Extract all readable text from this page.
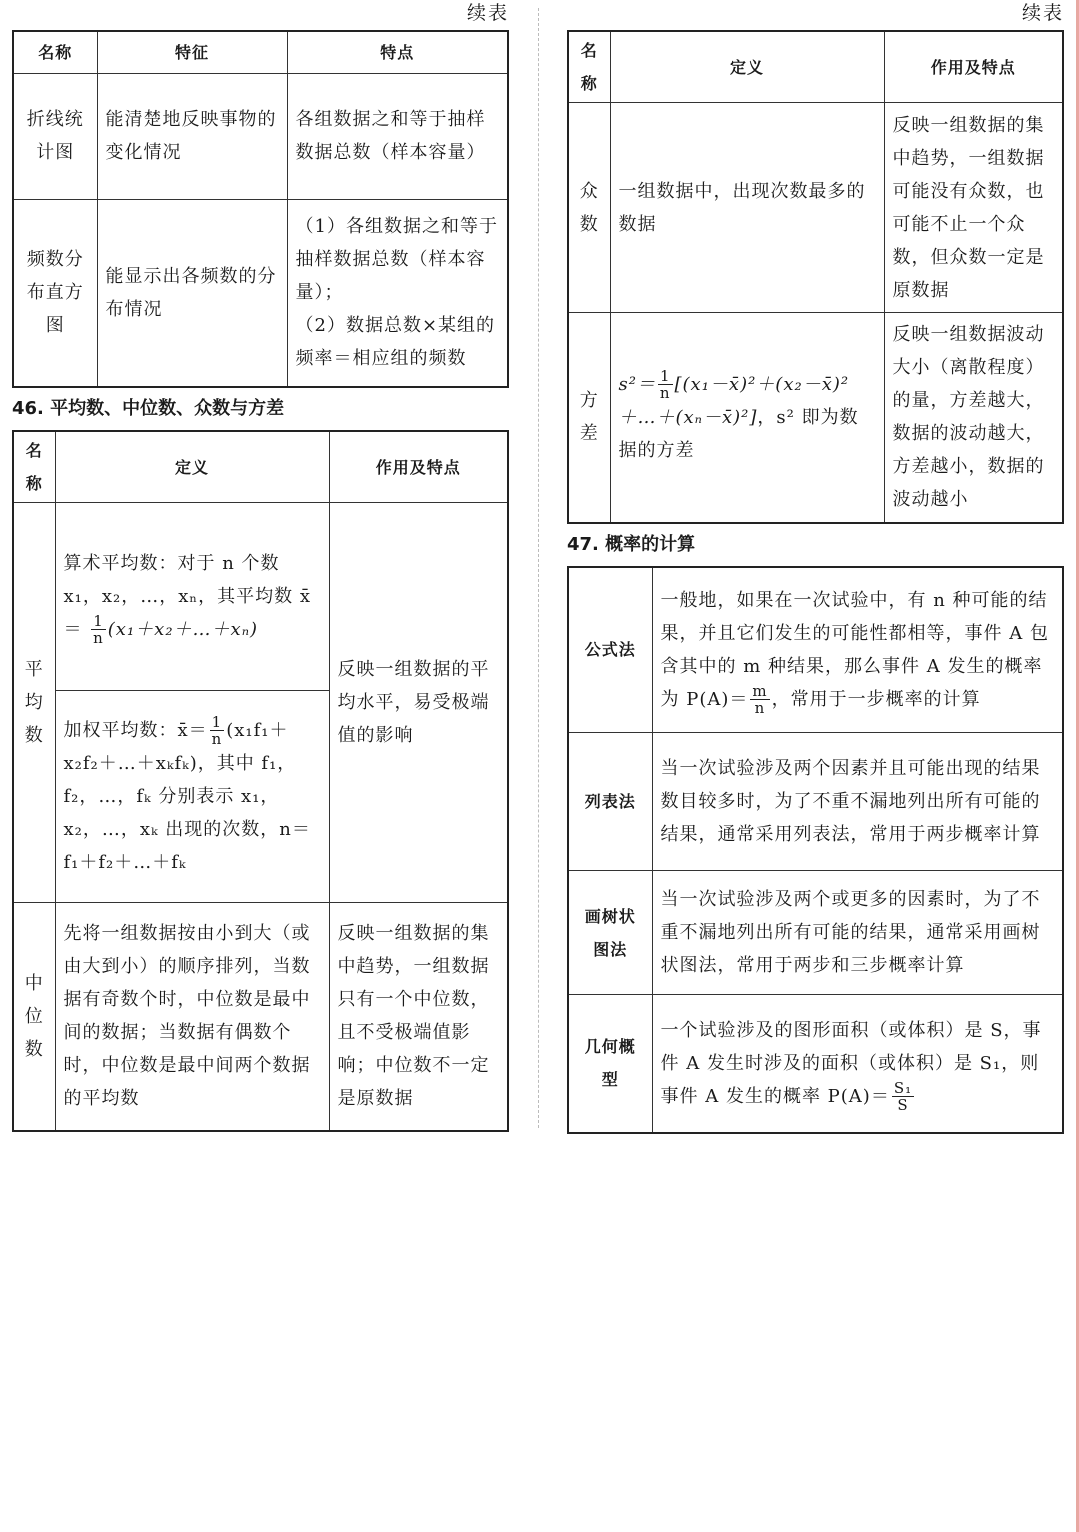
续表
名称	特征	特点
折线统计图	能清楚地反映事物的变化情况	各组数据之和等于抽样数据总数（样本容量）
频数分布直方图	能显示出各频数的分布情况	（1）各组数据之和等于抽样数据总数（样本容量）；
（2）数据总数×某组的频率＝相应组的频数
46. 平均数、中位数、众数与方差
名称	定义	作用及特点
平均数	算术平均数：对于 n 个数 x₁，x₂，…，xₙ，其平均数 x̄ ＝ $\frac{1}{n}$ (x₁＋x₂＋…＋xₙ)	反映一组数据的平均水平，易受极端值的影响
	加权平均数：x̄＝ $\frac{1}{n}$ (x₁f₁＋x₂f₂＋…＋xₖfₖ)，其中 f₁，f₂，…，fₖ 分别表示 x₁，x₂，…，xₖ 出现的次数，n＝f₁＋f₂＋…＋fₖ	
中位数	先将一组数据按由小到大（或由大到小）的顺序排列，当数据有奇数个时，中位数是最中间的数据；当数据有偶数个时，中位数是最中间两个数据的平均数	反映一组数据的集中趋势，一组数据只有一个中位数，且不受极端值影响；中位数不一定是原数据
续表
名称	定义	作用及特点
众数	一组数据中，出现次数最多的数据	反映一组数据的集中趋势，一组数据可能没有众数，也可能不止一个众数，但众数一定是原数据
方差	$s^2= \frac{1}{n}$ [(x₁－x̄)²＋(x₂－x̄)²＋…＋(xₙ－x̄)²]，s² 即为数据的方差	反映一组数据波动大小（离散程度）的量，方差越大，数据的波动越大，方差越小，数据的波动越小
47. 概率的计算
公式法	一般地，如果在一次试验中，有 n 种可能的结果，并且它们发生的可能性都相等，事件 A 包含其中的 m 种结果，那么事件 A 发生的概率为 $P(A)= \frac{m}{n}$ ，常用于一步概率的计算
列表法	当一次试验涉及两个因素并且可能出现的结果数目较多时，为了不重不漏地列出所有可能的结果，通常采用列表法，常用于两步概率计算
画树状图法	当一次试验涉及两个或更多的因素时，为了不重不漏地列出所有可能的结果，通常采用画树状图法，常用于两步和三步概率计算
几何概型	一个试验涉及的图形面积（或体积）是 S，事件 A 发生时涉及的面积（或体积）是 S₁，则事件 A 发生的概率 $P(A)= \frac{\text{S₁}}{S}$
